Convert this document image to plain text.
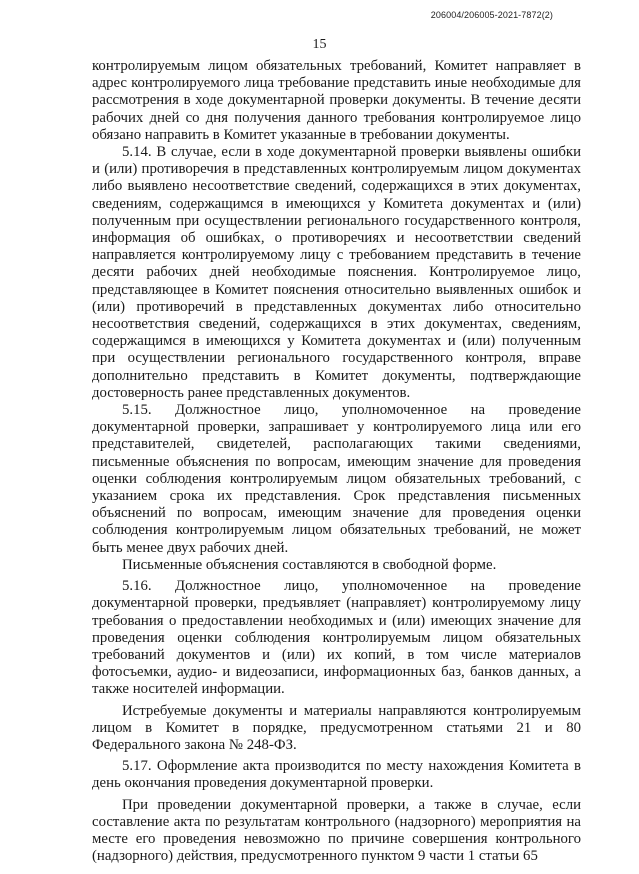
206004/206005-2021-7872(2)
15

контролируемым лицом обязательных требований, Комитет направляет в адрес контролируемого лица требование представить иные необходимые для рассмотрения в ходе документарной проверки документы. В течение десяти рабочих дней со дня получения данного требования контролируемое лицо обязано направить в Комитет указанные в требовании документы.

5.14. В случае, если в ходе документарной проверки выявлены ошибки и (или) противоречия в представленных контролируемым лицом документах либо выявлено несоответствие сведений, содержащихся в этих документах, сведениям, содержащимся в имеющихся у Комитета документах и (или) полученным при осуществлении регионального государственного контроля, информация об ошибках, о противоречиях и несоответствии сведений направляется контролируемому лицу с требованием представить в течение десяти рабочих дней необходимые пояснения. Контролируемое лицо, представляющее в Комитет пояснения относительно выявленных ошибок и (или) противоречий в представленных документах либо относительно несоответствия сведений, содержащихся в этих документах, сведениям, содержащимся в имеющихся у Комитета документах и (или) полученным при осуществлении регионального государственного контроля, вправе дополнительно представить в Комитет документы, подтверждающие достоверность ранее представленных документов.

5.15. Должностное лицо, уполномоченное на проведение документарной проверки, запрашивает у контролируемого лица или его представителей, свидетелей, располагающих такими сведениями, письменные объяснения по вопросам, имеющим значение для проведения оценки соблюдения контролируемым лицом обязательных требований, с указанием срока их представления. Срок представления письменных объяснений по вопросам, имеющим значение для проведения оценки соблюдения контролируемым лицом обязательных требований, не может быть менее двух рабочих дней.

Письменные объяснения составляются в свободной форме.

5.16. Должностное лицо, уполномоченное на проведение документарной проверки, предъявляет (направляет) контролируемому лицу требования о предоставлении необходимых и (или) имеющих значение для проведения оценки соблюдения контролируемым лицом обязательных требований документов и (или) их копий, в том числе материалов фотосъемки, аудио- и видеозаписи, информационных баз, банков данных, а также носителей информации.

Истребуемые документы и материалы направляются контролируемым лицом в Комитет в порядке, предусмотренном статьями 21 и 80 Федерального закона № 248-ФЗ.

5.17. Оформление акта производится по месту нахождения Комитета в день окончания проведения документарной проверки.

При проведении документарной проверки, а также в случае, если составление акта по результатам контрольного (надзорного) мероприятия на месте его проведения невозможно по причине совершения контрольного (надзорного) действия, предусмотренного пунктом 9 части 1 статьи 65
